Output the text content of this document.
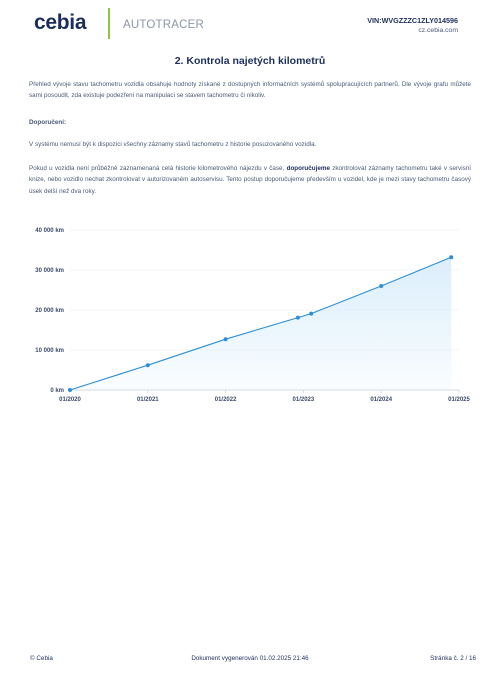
cebia	AUTOTRACER	VIN:WVGZZZC1ZLY014596
cz.cebia.com
2. Kontrola najetých kilometrů
Přehled vývoje stavu tachometru vozidla obsahuje hodnoty získané z dostupných informačních systémů spolupracujících partnerů. Dle vývoje grafu můžete sami posoudit, zda existuje podezření na manipulaci se stavem tachometru či nikoliv.
Doporučení:
V systému nemusí být k dispozici všechny záznamy stavů tachometru z historie posuzovaného vozidla.
Pokud u vozidla není průběžně zaznamenaná celá historie kilometrového nájezdu v čase, doporučujeme zkontrolovat záznamy tachometru také v servisní knize, nebo vozidlo nechat zkontrolovat v autorizovaném autoservisu. Tento postup doporučujeme především u vozidel, kde je mezi stavy tachometru časový úsek delší než dva roky.
0 km
10 000 km
20 000 km
30 000 km
40 000 km
01/2020	01/2021	01/2022	01/2023	01/2024	01/2025
© Cebia	Dokument vygenerován 01.02.2025 21:46	Stránka č. 2 / 16
